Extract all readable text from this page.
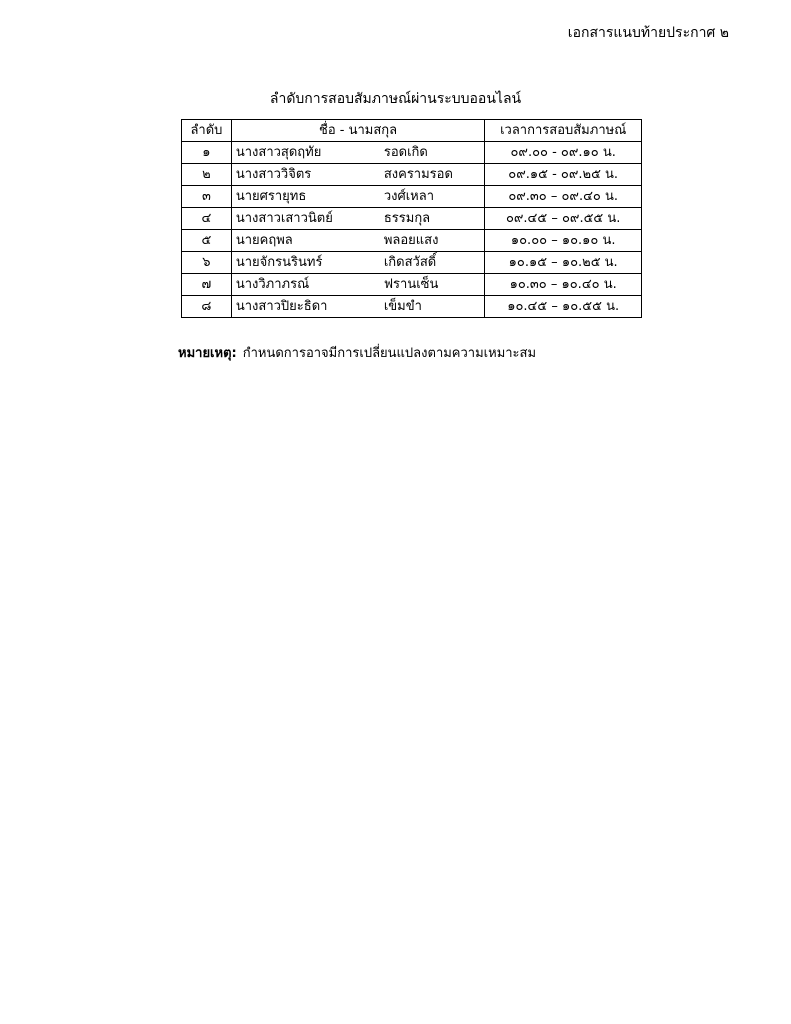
เอกสารแนบท้ายประกาศ ๒
ลำดับการสอบสัมภาษณ์ผ่านระบบออนไลน์
ลำดับ	ชื่อ - นามสกุล	เวลาการสอบสัมภาษณ์
๑	นางสาวสุดฤทัย รอดเกิด	๐๙.๐๐ - ๐๙.๑๐ น.
๒	นางสาววิจิตร สงครามรอด	๐๙.๑๕ - ๐๙.๒๕ น.
๓	นายศรายุทธ วงศ์เหลา	๐๙.๓๐ – ๐๙.๔๐ น.
๔	นางสาวเสาวนิตย์ ธรรมกุล	๐๙.๔๕ – ๐๙.๕๕ น.
๕	นายคฤพล พลอยแสง	๑๐.๐๐ – ๑๐.๑๐ น.
๖	นายจักรนรินทร์ เกิดสวัสดิ์	๑๐.๑๕ – ๑๐.๒๕ น.
๗	นางวิภาภรณ์ ฟรานเซ็น	๑๐.๓๐ – ๑๐.๔๐ น.
๘	นางสาวปิยะธิดา เข็มขำ	๑๐.๔๕ – ๑๐.๕๕ น.
หมายเหตุ: กำหนดการอาจมีการเปลี่ยนแปลงตามความเหมาะสม
